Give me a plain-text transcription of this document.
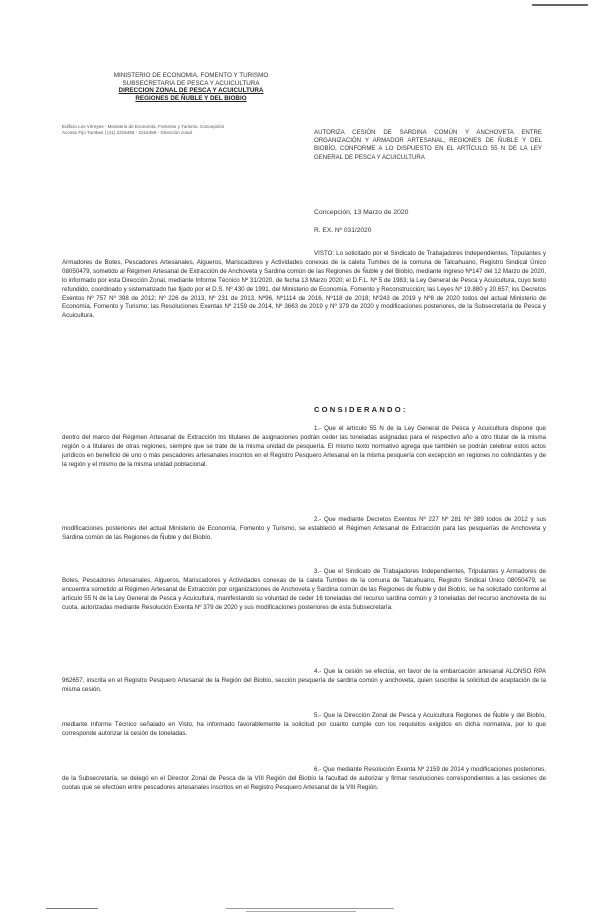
MINISTERIO DE ECONOMIA, FOMENTO Y TURISMO
SUBSECRETARIA DE PESCA Y ACUICULTURA
DIRECCION ZONAL DE PESCA Y ACUICULTURA
REGIONES DE ÑUBLE Y DEL BIOBIO
Edificio Los Virreyes - Ministerio de Economía, Fomento y Turismo, Concepción
Acceso Fijo Tumbes | (41) 2215456 - 2216459 - Dirección zonal	AUTORIZA CESIÓN DE SARDINA COMÚN Y ANCHOVETA ENTRE ORGANIZACIÓN Y ARMADOR ARTESANAL, REGIONES DE ÑUBLE Y DEL BIOBÍO, CONFORME A LO DISPUESTO EN EL ARTÍCULO 55 N DE LA LEY GENERAL DE PESCA Y ACUICULTURA
Concepción, 13 Marzo de 2020
R. EX. Nº 031/2020
VISTO: Lo solicitado por el Sindicato de Trabajadores Independientes, Tripulantes y Armadores de Botes, Pescadores Artesanales, Algueros, Mariscadores y Actividades conexas de la caleta Tumbes de la comuna de Talcahuano, Registro Sindical Único 08050479, sometido al Régimen Artesanal de Extracción de Anchoveta y Sardina común de las Regiones de Ñuble y del Biobío, mediante ingreso Nº147 del 12 Marzo de 2020, lo informado por esta Dirección Zonal, mediante Informe Técnico Nº 31/2020, de fecha 13 Marzo 2020; el D.F.L. Nº 5 de 1983; la Ley General de Pesca y Acuicultura, cuyo texto refundido, coordinado y sistematizado fue fijado por el D.S. Nº 430 de 1991, del Ministerio de Economía, Fomento y Reconstrucción; las Leyes Nº 19.880 y 20.657; los Decretos Exentos Nº 757 Nº 398 de 2012; Nº 226 de 2013, Nº 231 de 2013, Nº96, Nº1114 de 2016, Nº118 de 2018; Nº243 de 2019 y Nº8 de 2020 todos del actual Ministerio de Economía, Fomento y Turismo; las Resoluciones Exentas Nº 2159 de 2014, Nº 3663 de 2019 y Nº 379 de 2020 y modificaciones posteriores, de la Subsecretaría de Pesca y Acuicultura.
CONSIDERANDO:
1.- Que el artículo 55 N de la Ley General de Pesca y Acuicultura dispone que dentro del marco del Régimen Artesanal de Extracción los titulares de asignaciones podrán ceder las toneladas asignadas para el respectivo año a otro titular de la misma región o a titulares de otras regiones, siempre que se trate de la misma unidad de pesquería. El mismo texto normativo agrega que también se podrán celebrar estos actos jurídicos en beneficio de uno o más pescadores artesanales inscritos en el Registro Pesquero Artesanal en la misma pesquería con excepción en regiones no colindantes y de la región y el mismo de la misma unidad poblacional.
2.- Que mediante Decretos Exentos Nº 227 Nº 281 Nº 389 todos de 2012 y sus modificaciones posteriores del actual Ministerio de Economía, Fomento y Turismo, se estableció el Régimen Artesanal de Extracción para las pesquerías de Anchoveta y Sardina común de las Regiones de Ñuble y del Biobío.
3.- Que el Sindicato de Trabajadores Independientes, Tripulantes y Armadores de Botes, Pescadores Artesanales, Algueros, Mariscadores y Actividades conexas de la caleta Tumbes de la comuna de Talcahuano, Registro Sindical Único 08050479, se encuentra sometido al Régimen Artesanal de Extracción por organizaciones de Anchoveta y Sardina común de las Regiones de Ñuble y del Biobío, se ha solicitado conforme al artículo 55 N de la Ley General de Pesca y Acuicultura, manifestando su voluntad de ceder 16 toneladas del recurso sardina común y 3 toneladas del recurso anchoveta de su cuota, autorizadas mediante Resolución Exenta Nº 379 de 2020 y sus modificaciones posteriores de esta Subsecretaría.
4.- Que la cesión se efectúa, en favor de la embarcación artesanal ALONSO RPA 962657, inscrita en el Registro Pesquero Artesanal de la Región del Biobío, sección pesquería de sardina común y anchoveta, quien suscribe la solicitud de aceptación de la misma cesión.
5.- Que la Dirección Zonal de Pesca y Acuicultura Regiones de Ñuble y del Biobío, mediante Informe Técnico señalado en Visto, ha informado favorablemente la solicitud por cuanto cumple con los requisitos exigidos en dicha normativa, por lo que corresponde autorizar la cesión de toneladas.
6.- Que mediante Resolución Exenta Nº 2159 de 2014 y modificaciones posteriores, de la Subsecretaría, se delegó en el Director Zonal de Pesca de la VIII Región del Biobío la facultad de autorizar y firmar resoluciones correspondientes a las cesiones de cuotas que se efectúen entre pescadores artesanales inscritos en el Registro Pesquero Artesanal de la VIII Región.
